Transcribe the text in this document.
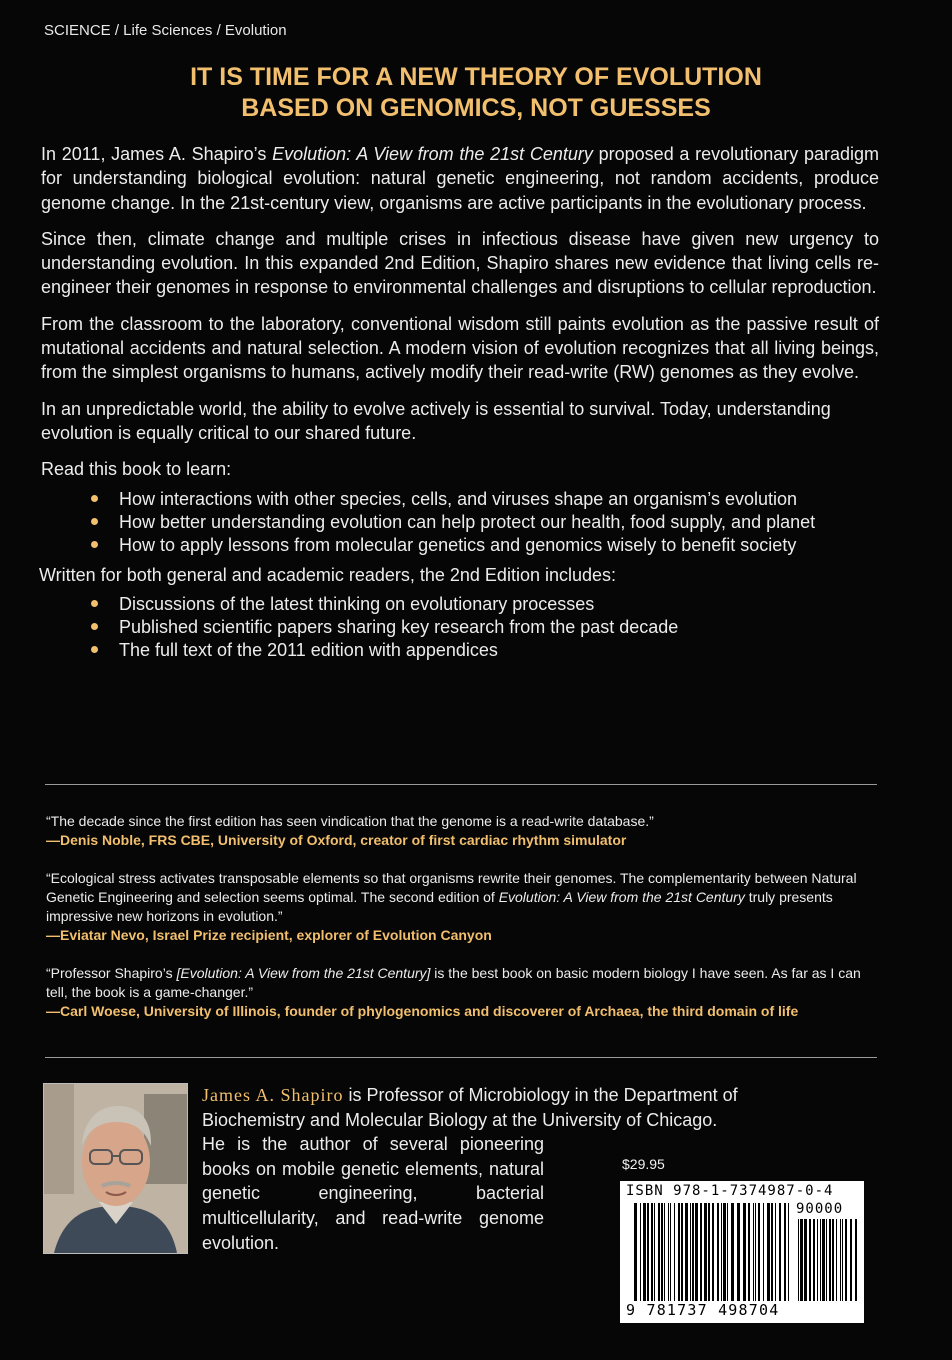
SCIENCE / Life Sciences / Evolution
IT IS TIME FOR A NEW THEORY OF EVOLUTION
BASED ON GENOMICS, NOT GUESSES

In 2011, James A. Shapiro’s Evolution: A View from the 21st Century proposed a revolutionary paradigm for understanding biological evolution: natural genetic engineering, not random accidents, produce genome change. In the 21st-century view, organisms are active participants in the evolutionary process.

Since then, climate change and multiple crises in infectious disease have given new urgency to understanding evolution. In this expanded 2nd Edition, Shapiro shares new evidence that living cells re-engineer their genomes in response to environmental challenges and disruptions to cellular reproduction.

From the classroom to the laboratory, conventional wisdom still paints evolution as the passive result of mutational accidents and natural selection. A modern vision of evolution recognizes that all living beings, from the simplest organisms to humans, actively modify their read-write (RW) genomes as they evolve.

In an unpredictable world, the ability to evolve actively is essential to survival. Today, understanding evolution is equally critical to our shared future.

Read this book to learn:

How interactions with other species, cells, and viruses shape an organism’s evolution
How better understanding evolution can help protect our health, food supply, and planet
How to apply lessons from molecular genetics and genomics wisely to benefit society

Written for both general and academic readers, the 2nd Edition includes:

Discussions of the latest thinking on evolutionary processes
Published scientific papers sharing key research from the past decade
The full text of the 2011 edition with appendices
“The decade since the first edition has seen vindication that the genome is a read-write database.”
—Denis Noble, FRS CBE, University of Oxford, creator of first cardiac rhythm simulator
“Ecological stress activates transposable elements so that organisms rewrite their genomes. The complementarity between Natural Genetic Engineering and selection seems optimal. The second edition of Evolution: A View from the 21st Century truly presents impressive new horizons in evolution.”
—Eviatar Nevo, Israel Prize recipient, explorer of Evolution Canyon
“Professor Shapiro’s [Evolution: A View from the 21st Century] is the best book on basic modern biology I have seen. As far as I can tell, the book is a game-changer.”
—Carl Woese, University of Illinois, founder of phylogenomics and discoverer of Archaea, the third domain of life
James A. Shapiro is Professor of Microbiology in the Department of Biochemistry and Molecular Biology at the University of Chicago.
He is the author of several pioneering books on mobile genetic elements, natural genetic engineering, bacterial multicellularity, and read-write genome evolution.
$29.95
ISBN 978-1-7374987-0-4
90000
9 781737 498704
